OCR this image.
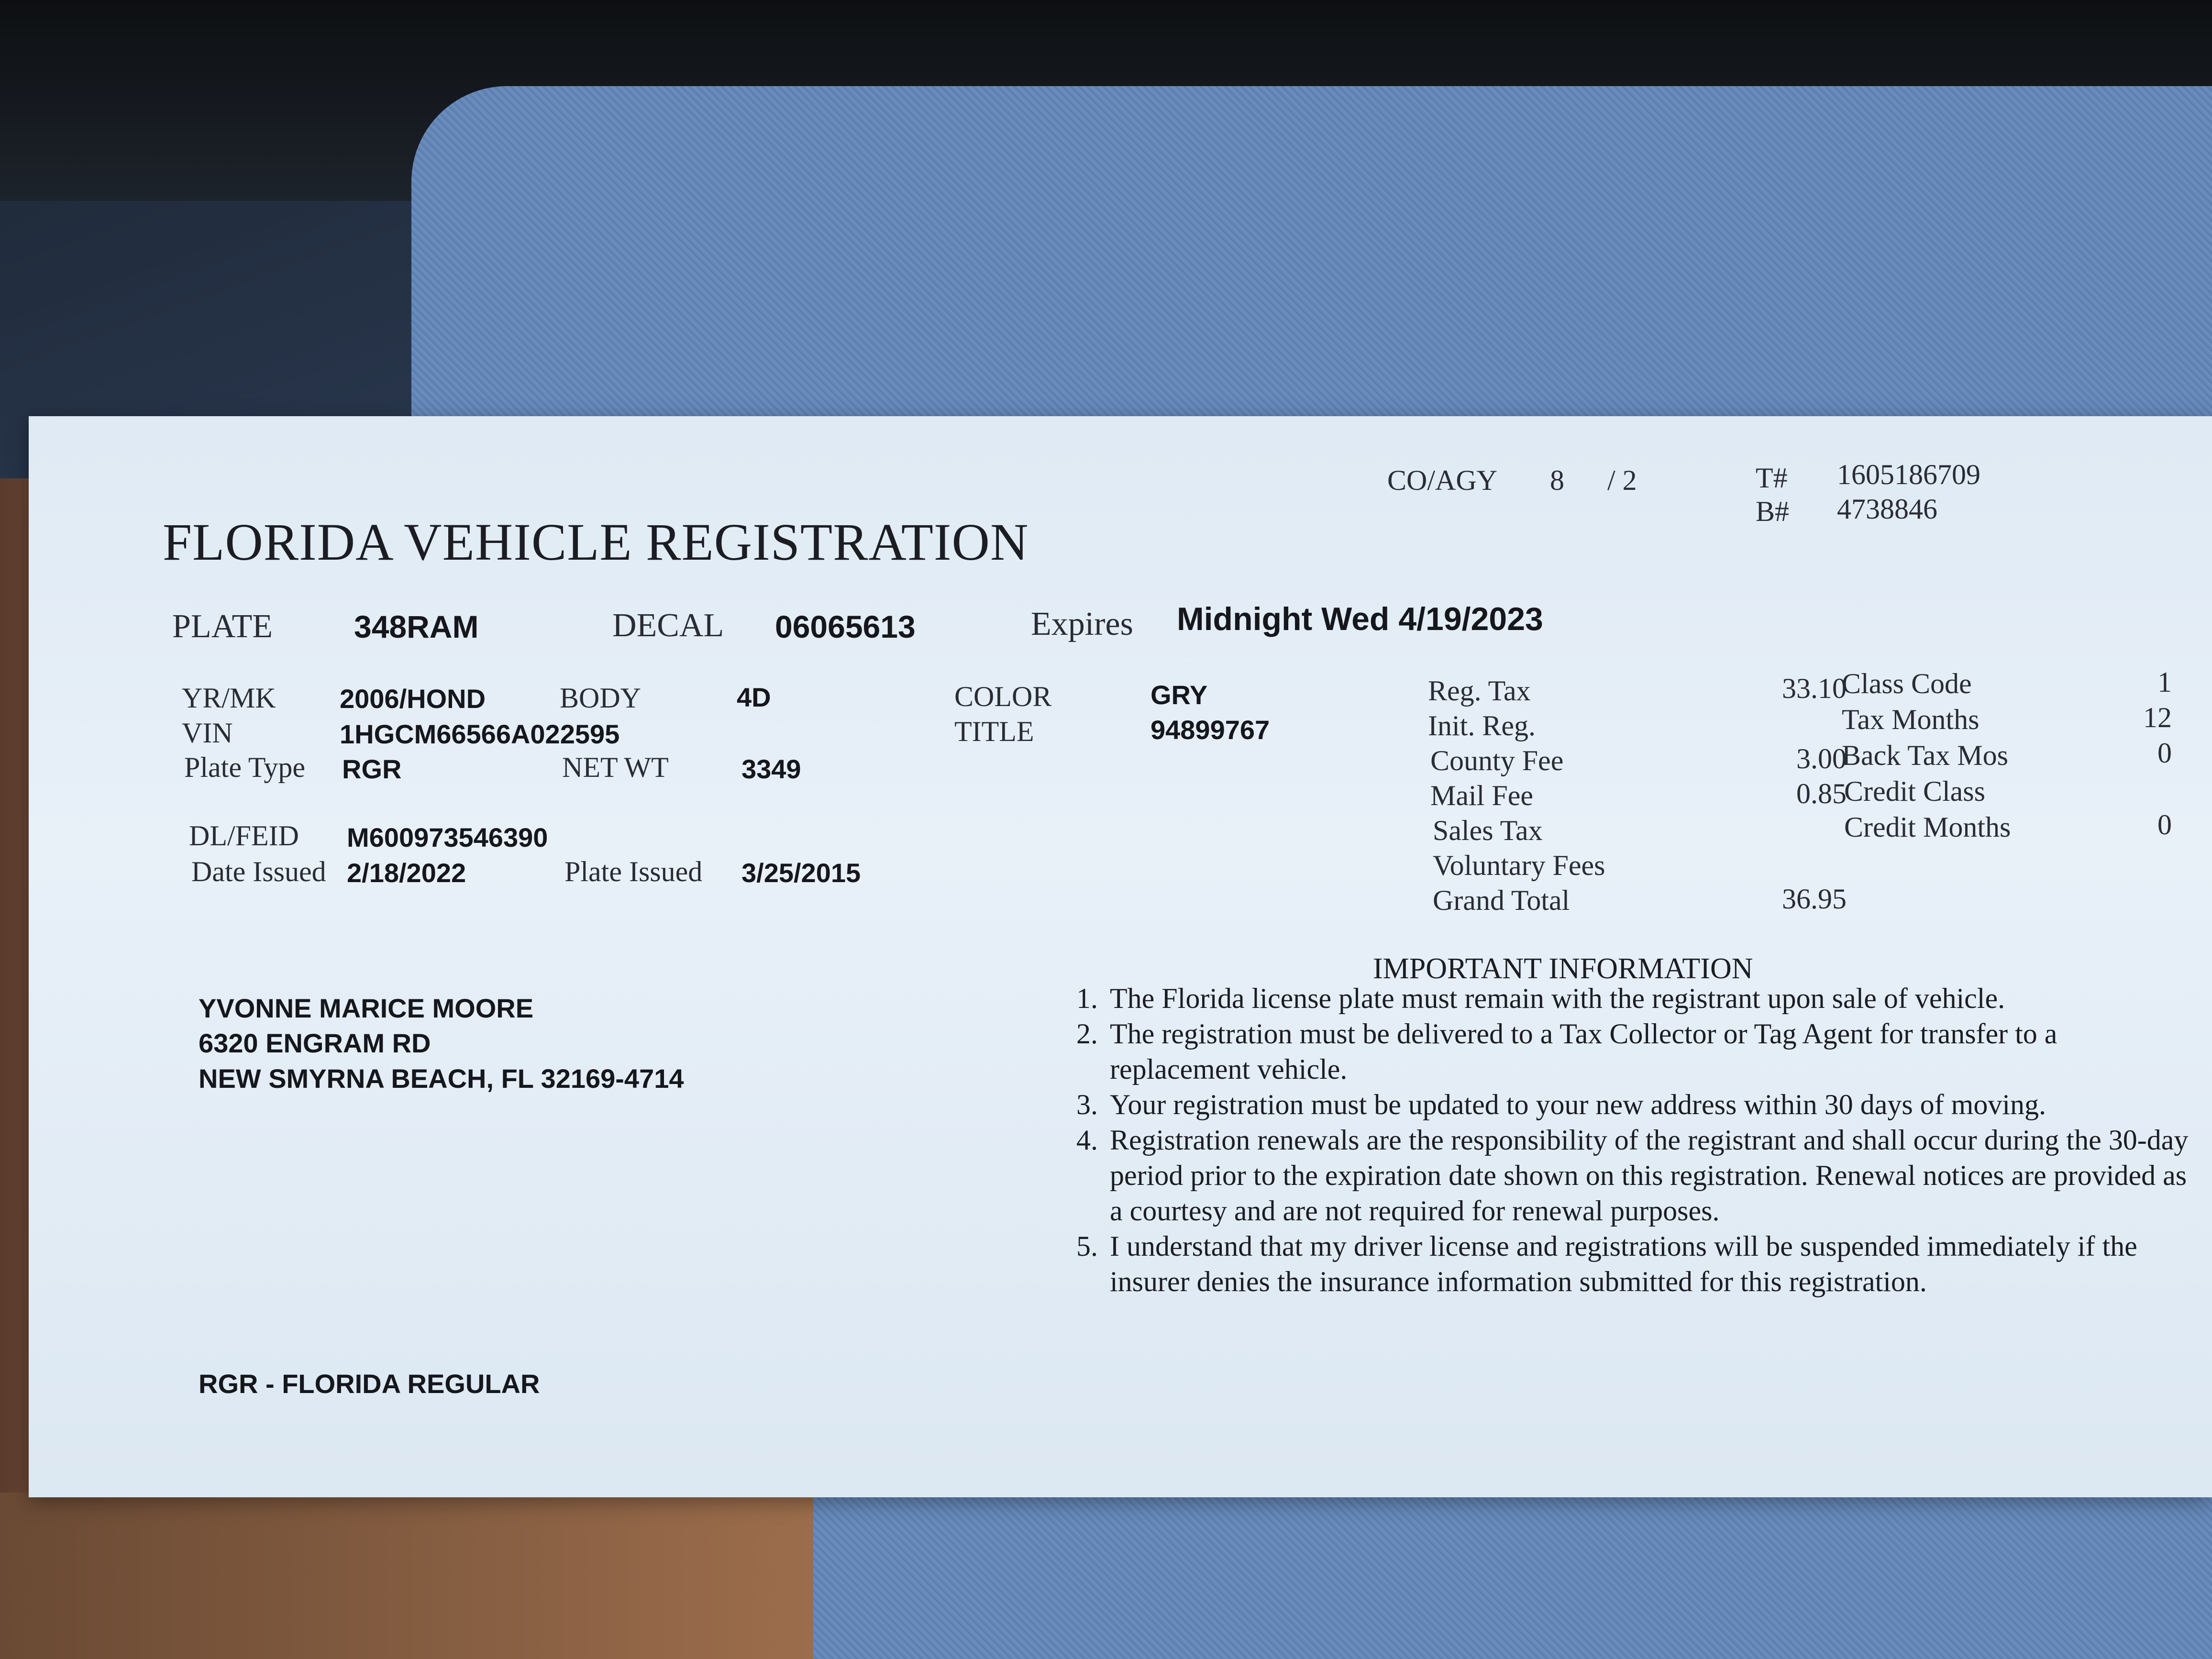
CO/AGY 8 / 2	T# 1605186709
B# 4738846
FLORIDA VEHICLE REGISTRATION
PLATE	348RAM	DECAL 06065613	Expires Midnight Wed 4/19/2023
YR/MK 2006/HOND	BODY	4D	COLOR	GRY
VIN	1HGCM66566A022595	TITLE	94899767
Plate Type RGR	NET WT	3349
DL/FEID M600973546390
Date Issued 2/18/2022	Plate Issued 3/25/2015
Reg. Tax	33.10
Init. Reg.
County Fee	3.00
Mail Fee	0.85
Sales Tax
Voluntary Fees
Grand Total	36.95
Class Code	1
Tax Months	12
Back Tax Mos	0
Credit Class
Credit Months	0
YVONNE MARICE MOORE
6320 ENGRAM RD
NEW SMYRNA BEACH, FL 32169-4714
IMPORTANT INFORMATION
1. The Florida license plate must remain with the registrant upon sale of vehicle.
2. The registration must be delivered to a Tax Collector or Tag Agent for transfer to a replacement vehicle.
3. Your registration must be updated to your new address within 30 days of moving.
4. Registration renewals are the responsibility of the registrant and shall occur during the 30-day period prior to the expiration date shown on this registration. Renewal notices are provided as a courtesy and are not required for renewal purposes.
5. I understand that my driver license and registrations will be suspended immediately if the insurer denies the insurance information submitted for this registration.
RGR - FLORIDA REGULAR
